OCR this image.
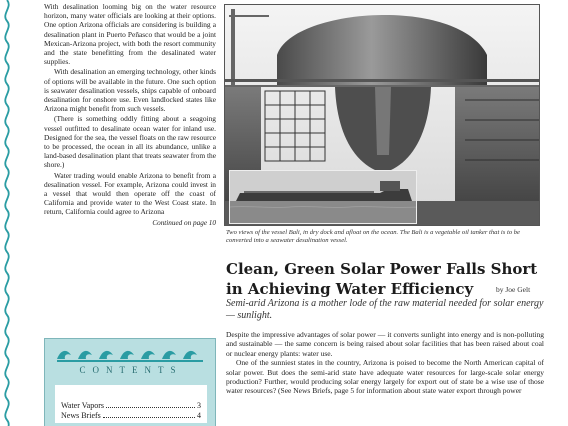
With desalination looming big on the water resource horizon, many water officials are looking at their options. One option Arizona officials are considering is building a desalination plant in Puerto Peñasco that would be a joint Mexican-Arizona project, with both the resort community and the state benefitting from the desalinated water supplies.

With desalination an emerging technology, other kinds of options will be available in the future. One such option is seawater desalination vessels, ships capable of onboard desalination for onshore use. Even landlocked states like Arizona might benefit from such vessels.

(There is something oddly fitting about a seagoing vessel outfitted to desalinate ocean water for inland use. Designed for the sea, the vessel floats on the raw resource to be processed, the ocean in all its abundance, unlike a land-based desalination plant that treats seawater from the shore.)

Water trading would enable Arizona to benefit from a desalination vessel. For example, Arizona could invest in a vessel that would then operate off the coast of California and provide water to the West Coast state. In return, California could agree to Arizona

Continued on page 10
CONTENTS
Water Vapors	3
News Briefs	4
Two views of the vessel Bali, in dry dock and afloat on the ocean. The Bali is a vegetable oil tanker that is to be converted into a seawater desalination vessel.
Clean, Green Solar Power Falls Short in Achieving Water Efficiency	by Joe Gelt
Semi-arid Arizona is a mother lode of the raw material needed for solar energy — sunlight.

Despite the impressive advantages of solar power — it converts sunlight into energy and is non-polluting and sustainable — the same concern is being raised about solar facilities that has been raised about coal or nuclear energy plants: water use.

One of the sunniest states in the country, Arizona is poised to become the North American capital of solar power. But does the semi-arid state have adequate water resources for large-scale solar energy production? Further, would producing solar energy largely for export out of state be a wise use of those water resources? (See News Briefs, page 5 for information about state water export through power
